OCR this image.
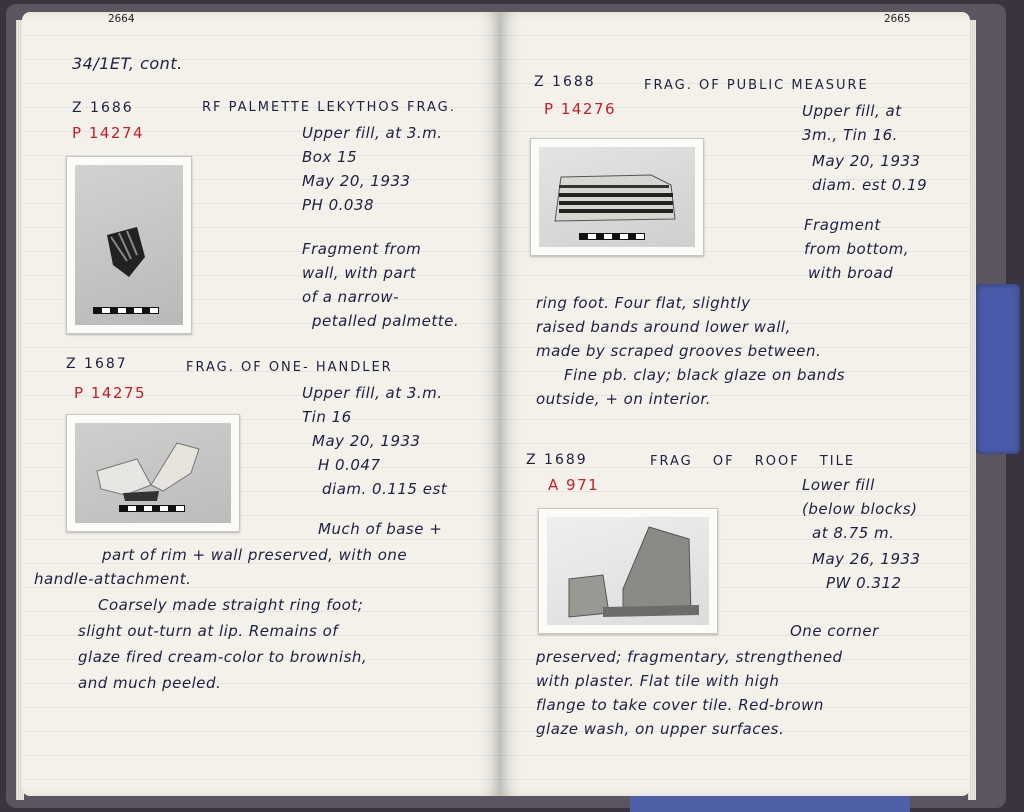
2664
34/1ET, cont.
Z 1686	RF PALMETTE LEKYTHOS FRAG.
P 14274	Upper fill, at 3.m.
Box 15
May 20, 1933
PH 0.038
Fragment from
wall, with part
of a narrow-
petalled palmette.
Z 1687	FRAG. OF ONE- HANDLER
P 14275	Upper fill, at 3.m.
Tin 16
May 20, 1933
H 0.047
diam. 0.115 est
Much of base +
part of rim + wall preserved, with one
handle-attachment.
Coarsely made straight ring foot;
slight out-turn at lip. Remains of
glaze fired cream-color to brownish,
and much peeled.
2665
Z 1688	FRAG. OF PUBLIC MEASURE
P 14276	Upper fill, at
3m., Tin 16.
May 20, 1933
diam. est 0.19
Fragment
from bottom,
with broad
ring foot. Four flat, slightly
raised bands around lower wall,
made by scraped grooves between.
Fine pb. clay; black glaze on bands
outside, + on interior.
Z 1689	FRAG OF ROOF TILE
A 971	Lower fill
(below blocks)
at 8.75 m.
May 26, 1933
PW 0.312
One corner
preserved; fragmentary, strengthened
with plaster. Flat tile with high
flange to take cover tile. Red-brown
glaze wash, on upper surfaces.
